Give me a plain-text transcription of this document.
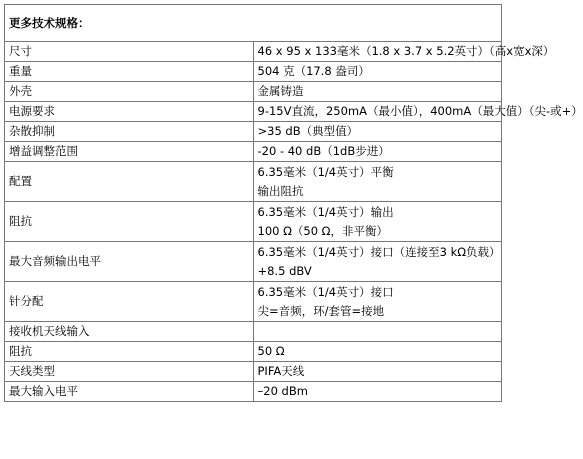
更多技术规格：	
尺寸	46 x 95 x 133毫米（1.8 x 3.7 x 5.2英寸）（高x宽x深）

重量	504 克（17.8 盎司）

外壳	金属铸造

电源要求	9-15V直流，250mA（最小值），400mA（最大值）（尖-或+）

杂散抑制	>35 dB（典型值）

增益调整范围	-20 - 40 dB（1dB步进）

配置	6.35毫米（1/4英寸）平衡
输出阻抗

阻抗	6.35毫米（1/4英寸）输出
100 Ω（50 Ω，非平衡）

最大音频输出电平	6.35毫米（1/4英寸）接口（连接至3 kΩ负载）
+8.5 dBV

针分配	6.35毫米（1/4英寸）接口
尖=音频，环/套管=接地

接收机天线输入	

阻抗	50 Ω

天线类型	PIFA天线

最大输入电平	–20 dBm
